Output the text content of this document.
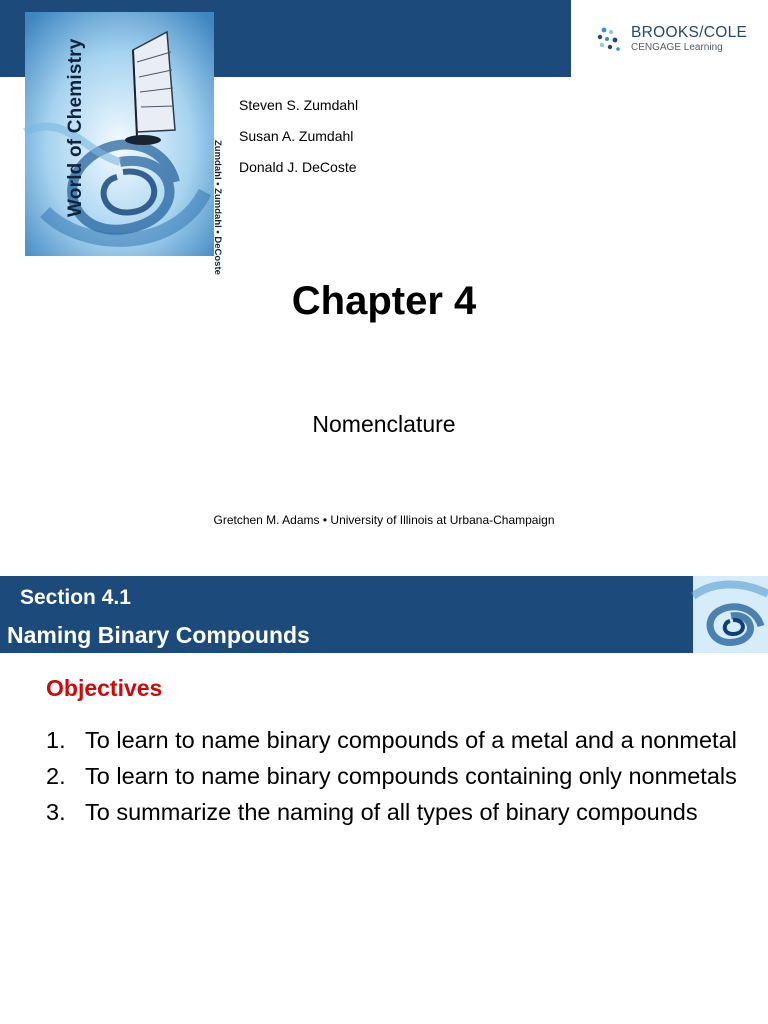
World of Chemistry	Zumdahl • Zumdahl • DeCoste
BROOKS/COLE
CENGAGE Learning
Steven S. Zumdahl
Susan A. Zumdahl
Donald J. DeCoste
Chapter 4
Nomenclature
Gretchen M. Adams • University of Illinois at Urbana-Champaign
Section 4.1
Naming Binary Compounds
Objectives
1. To learn to name binary compounds of a metal and a nonmetal
2. To learn to name binary compounds containing only nonmetals
3. To summarize the naming of all types of binary compounds
